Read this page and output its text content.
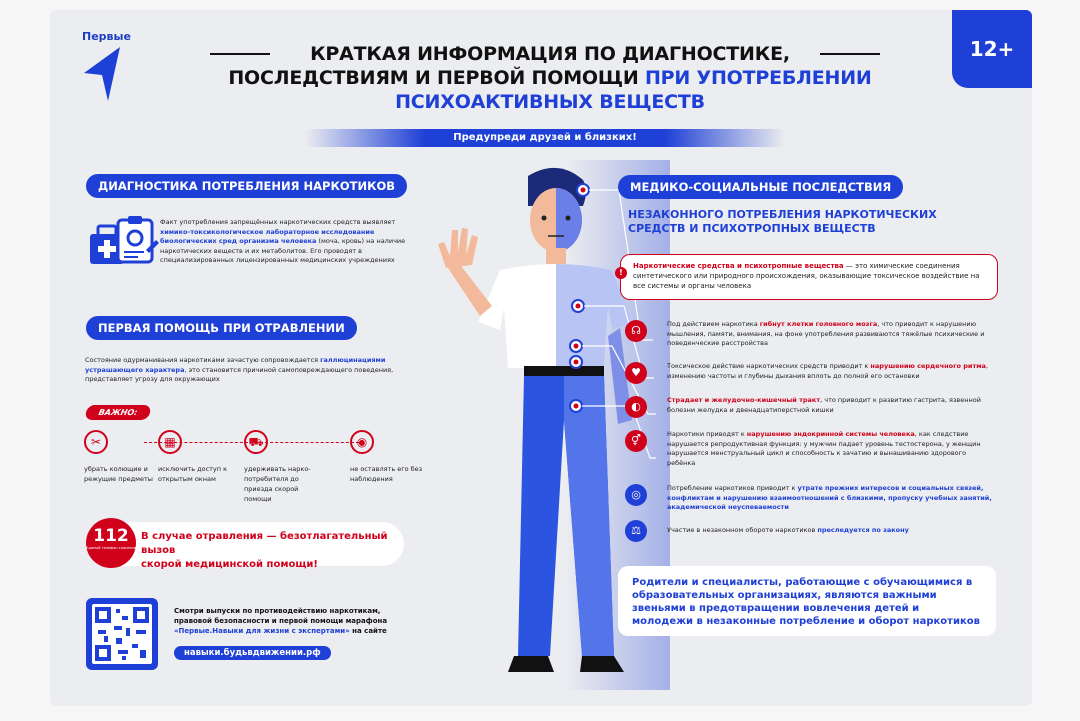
Первые
12+
КРАТКАЯ ИНФОРМАЦИЯ ПО ДИАГНОСТИКЕ,
ПОСЛЕДСТВИЯМ И ПЕРВОЙ ПОМОЩИ ПРИ УПОТРЕБЛЕНИИ
ПСИХОАКТИВНЫХ ВЕЩЕСТВ
Предупреди друзей и близких!
ДИАГНОСТИКА ПОТРЕБЛЕНИЯ НАРКОТИКОВ
Факт употребления запрещённых наркотических средств выявляет химико-токсикологическое лабораторное исследование биологических сред организма человека (моча, кровь) на наличие наркотических веществ и их метаболитов. Его проводят в специализированных лицензированных медицинских учреждениях
ПЕРВАЯ ПОМОЩЬ ПРИ ОТРАВЛЕНИИ
Состояние одурманивания наркотиками зачастую сопровождается галлюцинациями устрашающего характера, это становится причиной самоповреждающего поведения, представляет угрозу для окружающих
ВАЖНО:
✂
убрать колющие и режущие предметы
▦
исключить доступ к открытым окнам
⛟
удерживать нарко-потребителя до приезда скорой помощи
◉
не оставлять его без наблюдения
112
Единый телефон спасения
В случае отравления — безотлагательный вызов
скорой медицинской помощи!
Смотри выпуски по противодействию наркотикам, правовой безопасности и первой помощи марафона «Первые.Навыки для жизни с экспертами» на сайте
навыки.будьвдвижении.рф
МЕДИКО-СОЦИАЛЬНЫЕ ПОСЛЕДСТВИЯ
НЕЗАКОННОГО ПОТРЕБЛЕНИЯ НАРКОТИЧЕСКИХ СРЕДСТВ И ПСИХОТРОПНЫХ ВЕЩЕСТВ
!
Наркотические средства и психотропные вещества — это химические соединения синтетического или природного происхождения, оказывающие токсическое воздействие на все системы и органы человека
☊	Под действием наркотика гибнут клетки головного мозга, что приводит к нарушению мышления, памяти, внимания, на фоне употребления развиваются тяжёлые психические и поведенческие расстройства
♥	Токсическое действие наркотических средств приводит к нарушению сердечного ритма, изменению частоты и глубины дыхания вплоть до полной его остановки
◐	Страдает и желудочно-кишечный тракт, что приводит к развитию гастрита, язвенной болезни желудка и двенадцатиперстной кишки
⚥	Наркотики приводят к нарушению эндокринной системы человека, как следствие нарушается репродуктивная функция: у мужчин падает уровень тестостерона, у женщин нарушается менструальный цикл и способность к зачатию и вынашиванию здорового ребёнка
◎	Потребление наркотиков приводит к утрате прежних интересов и социальных связей, конфликтам и нарушению взаимоотношений с близкими, пропуску учебных занятий, академической неуспеваемости
⚖	Участие в незаконном обороте наркотиков преследуется по закону
Родители и специалисты, работающие с обучающимися в образовательных организациях, являются важными звеньями в предотвращении вовлечения детей и молодежи в незаконные потребление и оборот наркотиков
